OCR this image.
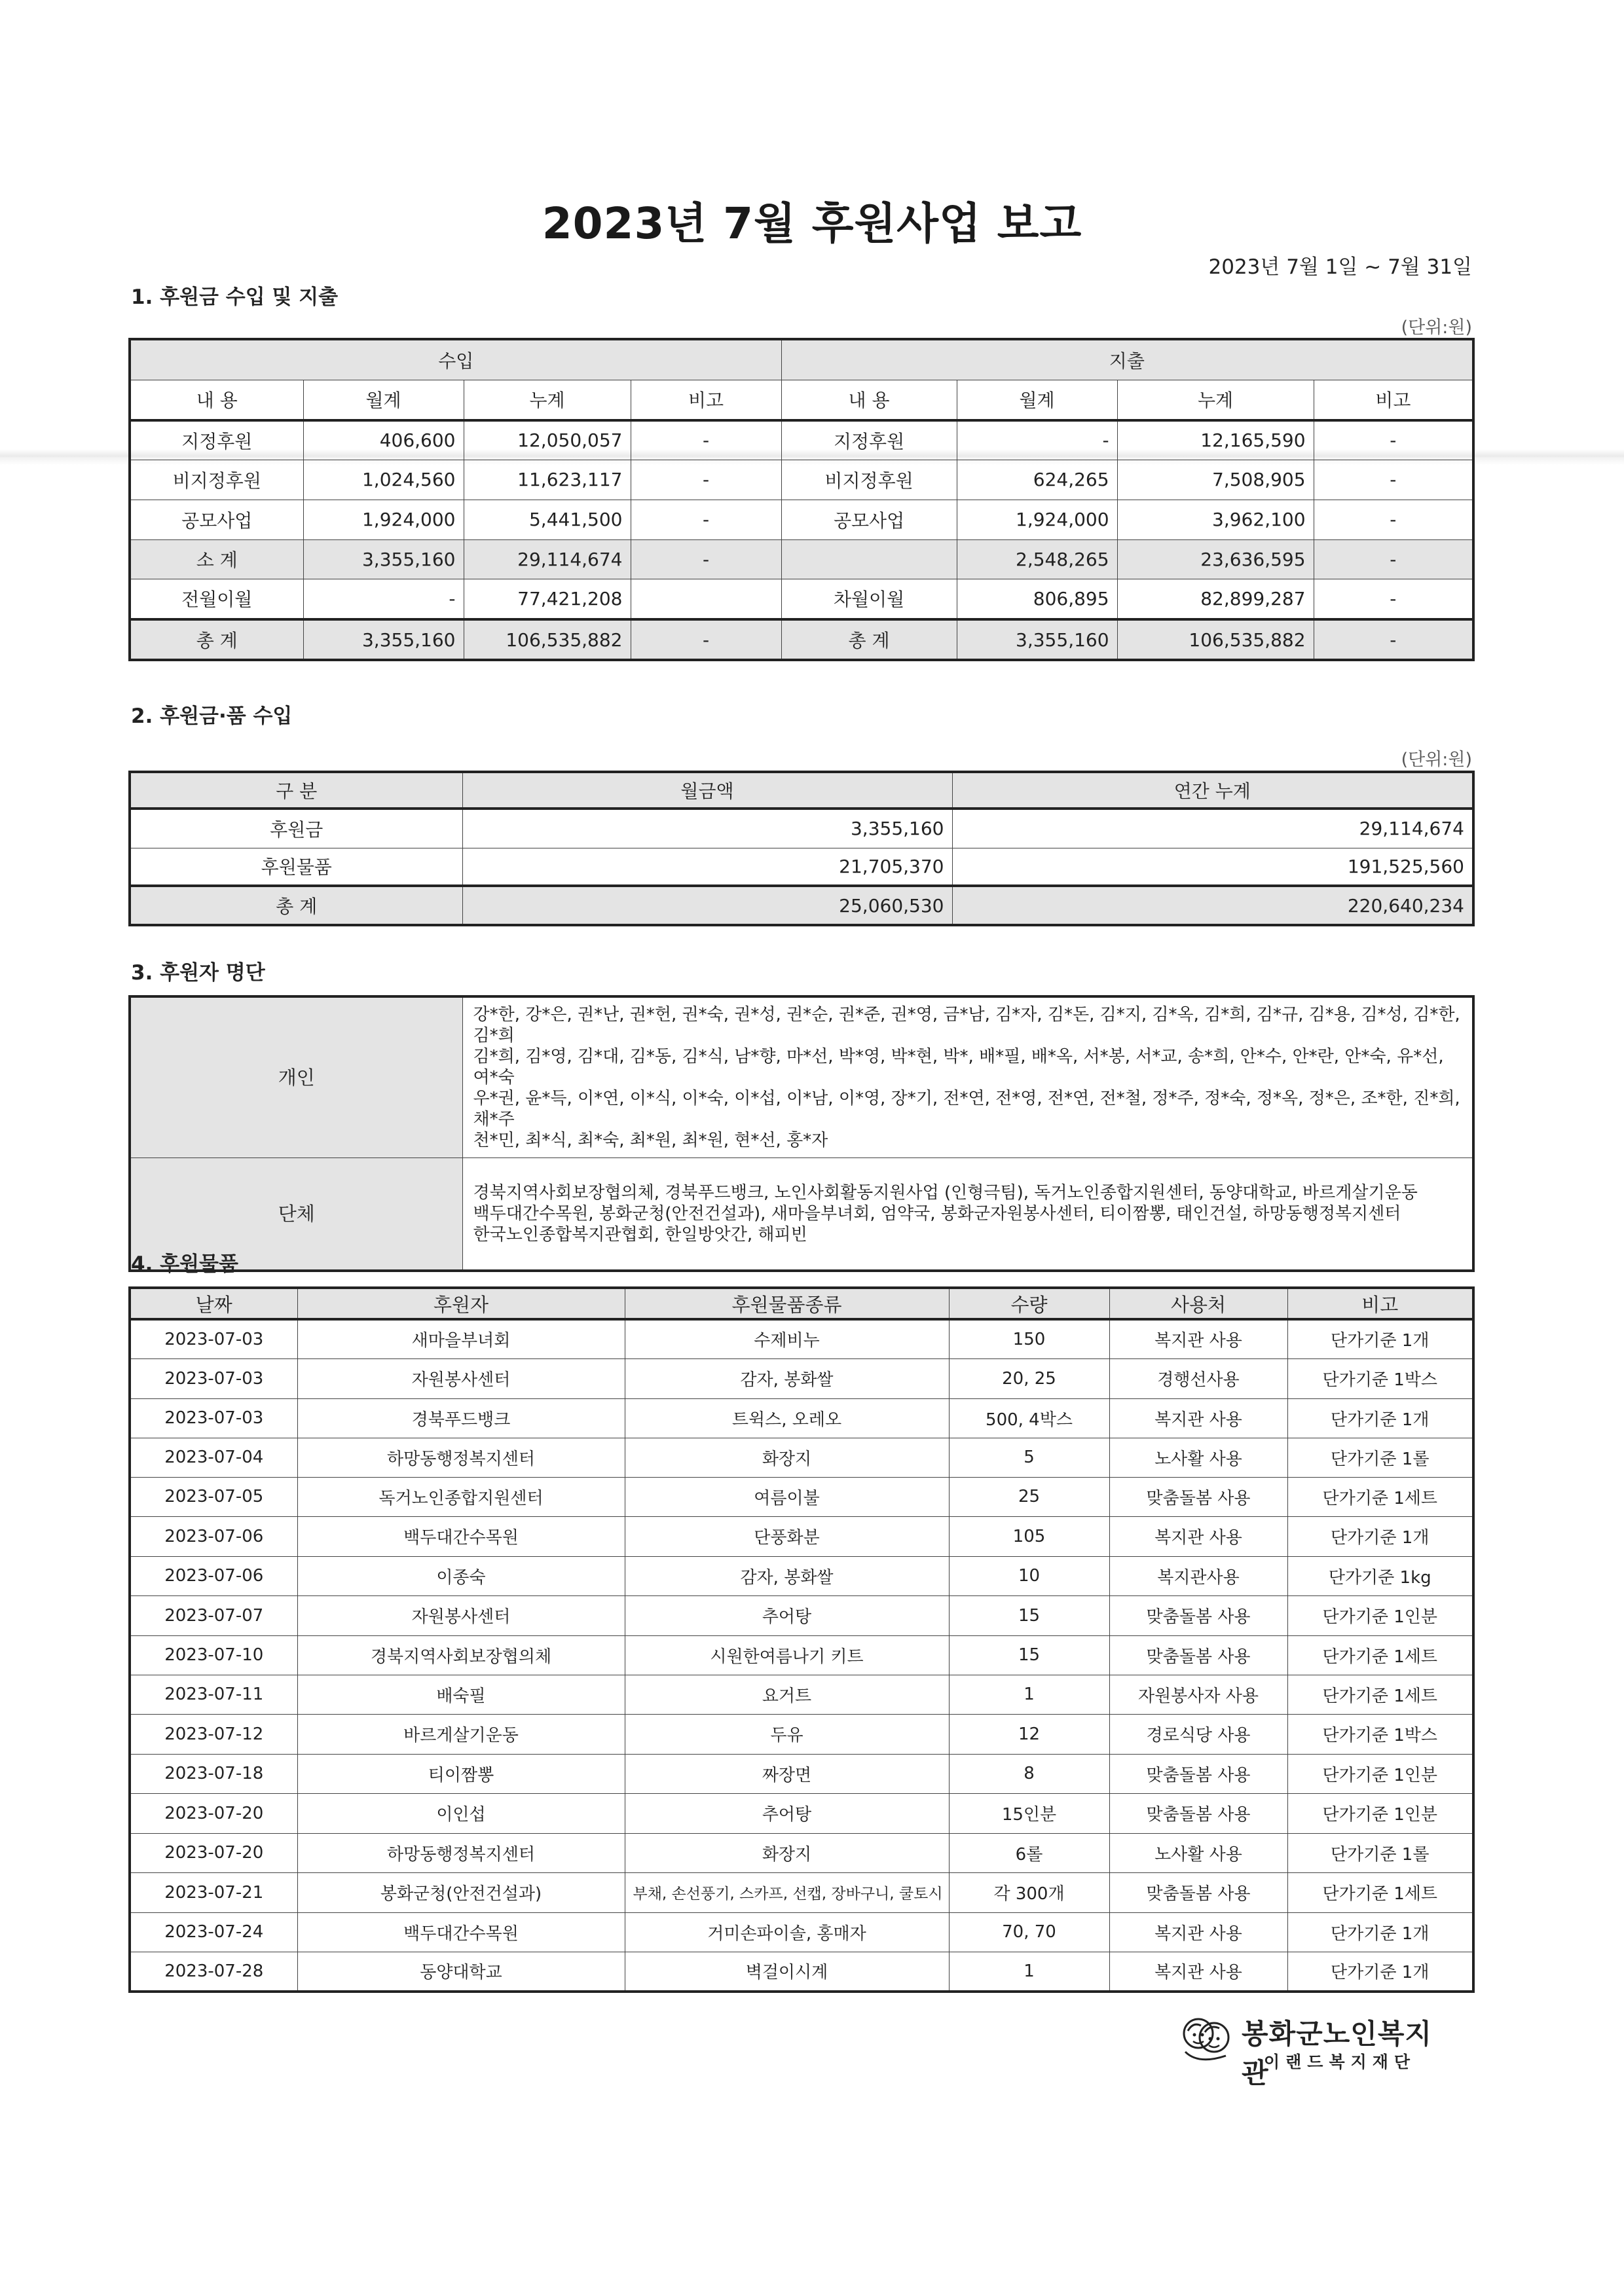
2023년 7월 후원사업 보고
2023년 7월 1일 ~ 7월 31일
1. 후원금 수입 및 지출
(단위:원)
수입				지출			
내 용	월계	누계	비고	내 용	월계	누계	비고
지정후원	406,600	12,050,057	-	지정후원	-	12,165,590	-
비지정후원	1,024,560	11,623,117	-	비지정후원	624,265	7,508,905	-
공모사업	1,924,000	5,441,500	-	공모사업	1,924,000	3,962,100	-
소 계	3,355,160	29,114,674	-		2,548,265	23,636,595	-
전월이월	-	77,421,208		차월이월	806,895	82,899,287	-
총 계	3,355,160	106,535,882	-	총 계	3,355,160	106,535,882	-
2. 후원금·품 수입
(단위:원)
구 분	월금액	연간 누계
후원금	3,355,160	29,114,674
후원물품	21,705,370	191,525,560
총 계	25,060,530	220,640,234
3. 후원자 명단
개인	강*한, 강*은, 권*난, 권*헌, 권*숙, 권*성, 권*순, 권*준, 권*영, 금*남, 김*자, 김*돈, 김*지, 김*옥, 김*희, 김*규, 김*용, 김*성, 김*한, 김*희
김*희, 김*영, 김*대, 김*동, 김*식, 남*향, 마*선, 박*영, 박*현, 박*, 배*필, 배*옥, 서*봉, 서*교, 송*희, 안*수, 안*란, 안*숙, 유*선, 여*숙
우*권, 윤*득, 이*연, 이*식, 이*숙, 이*섭, 이*남, 이*영, 장*기, 전*연, 전*영, 전*연, 전*철, 정*주, 정*숙, 정*옥, 정*은, 조*한, 진*희, 채*주
천*민, 최*식, 최*숙, 최*원, 최*원, 현*선, 홍*자

단체	경북지역사회보장협의체, 경북푸드뱅크, 노인사회활동지원사업 (인형극팀), 독거노인종합지원센터, 동양대학교, 바르게살기운동
백두대간수목원, 봉화군청(안전건설과), 새마을부녀회, 엄약국, 봉화군자원봉사센터, 티이짬뽕, 태인건설, 하망동행정복지센터
한국노인종합복지관협회, 한일방앗간, 해피빈
4. 후원물품
날짜	후원자	후원물품종류	수량	사용처	비고
2023-07-03	새마을부녀회	수제비누	150	복지관 사용	단가기준 1개
2023-07-03	자원봉사센터	감자, 봉화쌀	20, 25	경행선사용	단가기준 1박스
2023-07-03	경북푸드뱅크	트윅스, 오레오	500, 4박스	복지관 사용	단가기준 1개
2023-07-04	하망동행정복지센터	화장지	5	노사활 사용	단가기준 1롤
2023-07-05	독거노인종합지원센터	여름이불	25	맞춤돌봄 사용	단가기준 1세트
2023-07-06	백두대간수목원	단풍화분	105	복지관 사용	단가기준 1개
2023-07-06	이종숙	감자, 봉화쌀	10	복지관사용	단가기준 1kg
2023-07-07	자원봉사센터	추어탕	15	맞춤돌봄 사용	단가기준 1인분
2023-07-10	경북지역사회보장협의체	시원한여름나기 키트	15	맞춤돌봄 사용	단가기준 1세트
2023-07-11	배숙필	요거트	1	자원봉사자 사용	단가기준 1세트
2023-07-12	바르게살기운동	두유	12	경로식당 사용	단가기준 1박스
2023-07-18	티이짬뽕	짜장면	8	맞춤돌봄 사용	단가기준 1인분
2023-07-20	이인섭	추어탕	15인분	맞춤돌봄 사용	단가기준 1인분
2023-07-20	하망동행정복지센터	화장지	6롤	노사활 사용	단가기준 1롤
2023-07-21	봉화군청(안전건설과)	부채, 손선풍기, 스카프, 선캡, 장바구니, 쿨토시	각 300개	맞춤돌봄 사용	단가기준 1세트
2023-07-24	백두대간수목원	거미손파이솔, 홍매자	70, 70	복지관 사용	단가기준 1개
2023-07-28	동양대학교	벽걸이시계	1	복지관 사용	단가기준 1개
봉화군노인복지관
이랜드복지재단
